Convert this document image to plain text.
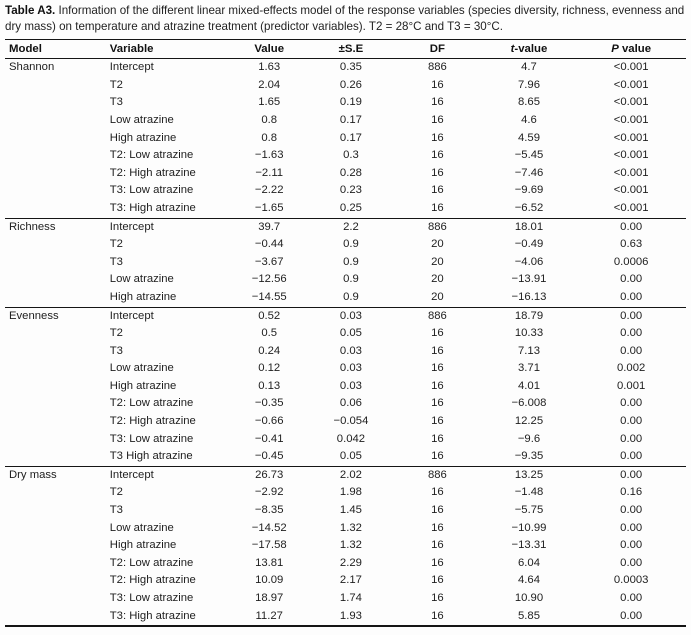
Table A3. Information of the different linear mixed-effects model of the response variables (species diversity, richness, evenness and dry mass) on temperature and atrazine treatment (predictor variables). T2 = 28°C and T3 = 30°C.

Model	Variable	Value	±S.E	DF	t-value	P value
Shannon	Intercept	1.63	0.35	886	4.7	<0.001
	T2	2.04	0.26	16	7.96	<0.001
	T3	1.65	0.19	16	8.65	<0.001
	Low atrazine	0.8	0.17	16	4.6	<0.001
	High atrazine	0.8	0.17	16	4.59	<0.001
	T2: Low atrazine	−1.63	0.3	16	−5.45	<0.001
	T2: High atrazine	−2.11	0.28	16	−7.46	<0.001
	T3: Low atrazine	−2.22	0.23	16	−9.69	<0.001
	T3: High atrazine	−1.65	0.25	16	−6.52	<0.001
Richness	Intercept	39.7	2.2	886	18.01	0.00
	T2	−0.44	0.9	20	−0.49	0.63
	T3	−3.67	0.9	20	−4.06	0.0006
	Low atrazine	−12.56	0.9	20	−13.91	0.00
	High atrazine	−14.55	0.9	20	−16.13	0.00
Evenness	Intercept	0.52	0.03	886	18.79	0.00
	T2	0.5	0.05	16	10.33	0.00
	T3	0.24	0.03	16	7.13	0.00
	Low atrazine	0.12	0.03	16	3.71	0.002
	High atrazine	0.13	0.03	16	4.01	0.001
	T2: Low atrazine	−0.35	0.06	16	−6.008	0.00
	T2: High atrazine	−0.66	−0.054	16	12.25	0.00
	T3: Low atrazine	−0.41	0.042	16	−9.6	0.00
	T3 High atrazine	−0.45	0.05	16	−9.35	0.00
Dry mass	Intercept	26.73	2.02	886	13.25	0.00
	T2	−2.92	1.98	16	−1.48	0.16
	T3	−8.35	1.45	16	−5.75	0.00
	Low atrazine	−14.52	1.32	16	−10.99	0.00
	High atrazine	−17.58	1.32	16	−13.31	0.00
	T2: Low atrazine	13.81	2.29	16	6.04	0.00
	T2: High atrazine	10.09	2.17	16	4.64	0.0003
	T3: Low atrazine	18.97	1.74	16	10.90	0.00
	T3: High atrazine	11.27	1.93	16	5.85	0.00
